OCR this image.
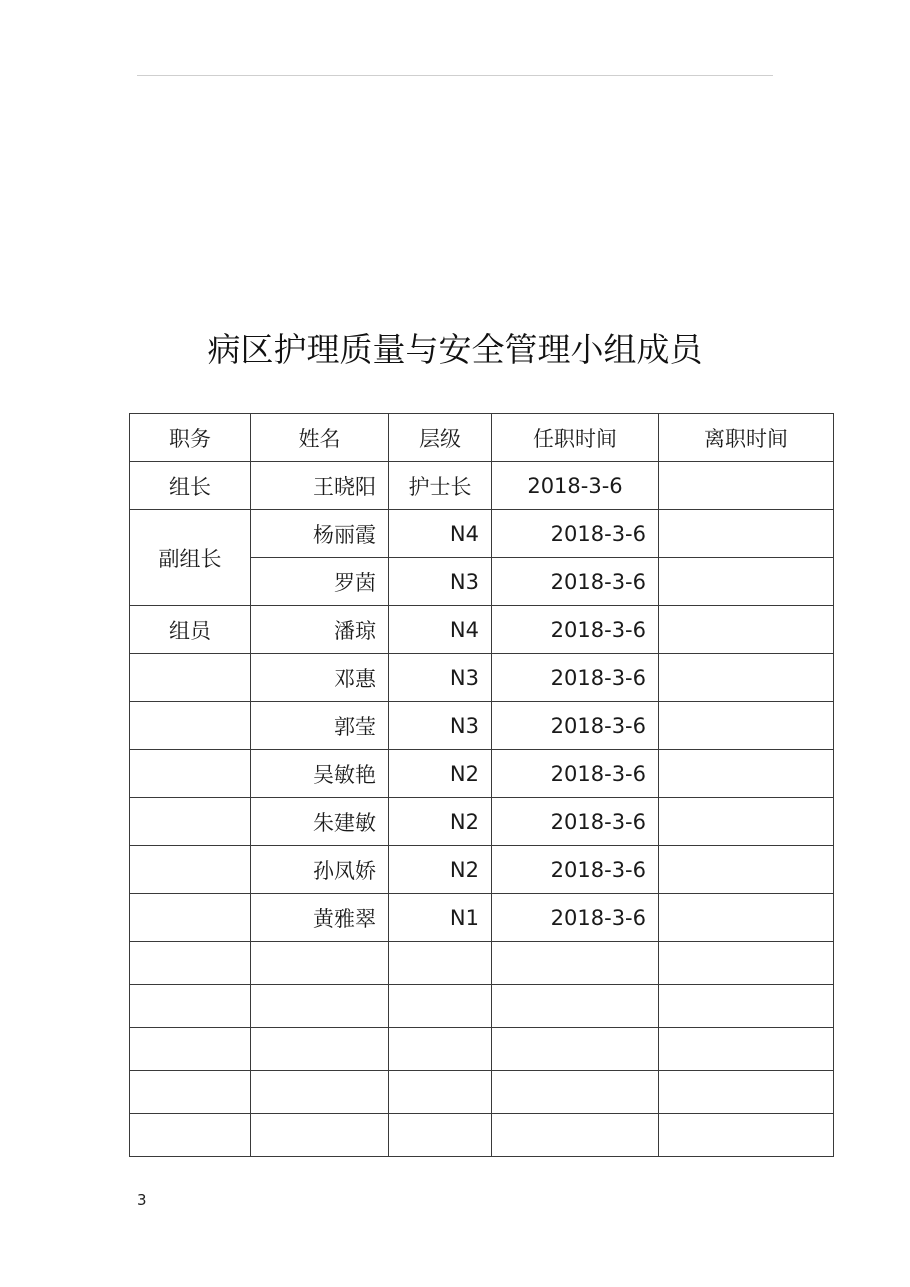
病区护理质量与安全管理小组成员
职务	姓名	层级	任职时间	离职时间
组长	王晓阳	护士长	2018-3-6	
副组长	杨丽霞	N4	2018-3-6	
	罗茵	N3	2018-3-6	
组员	潘琼	N4	2018-3-6	
	邓惠	N3	2018-3-6	
	郭莹	N3	2018-3-6	
	吴敏艳	N2	2018-3-6	
	朱建敏	N2	2018-3-6	
	孙凤娇	N2	2018-3-6	
	黄雅翠	N1	2018-3-6	

3
